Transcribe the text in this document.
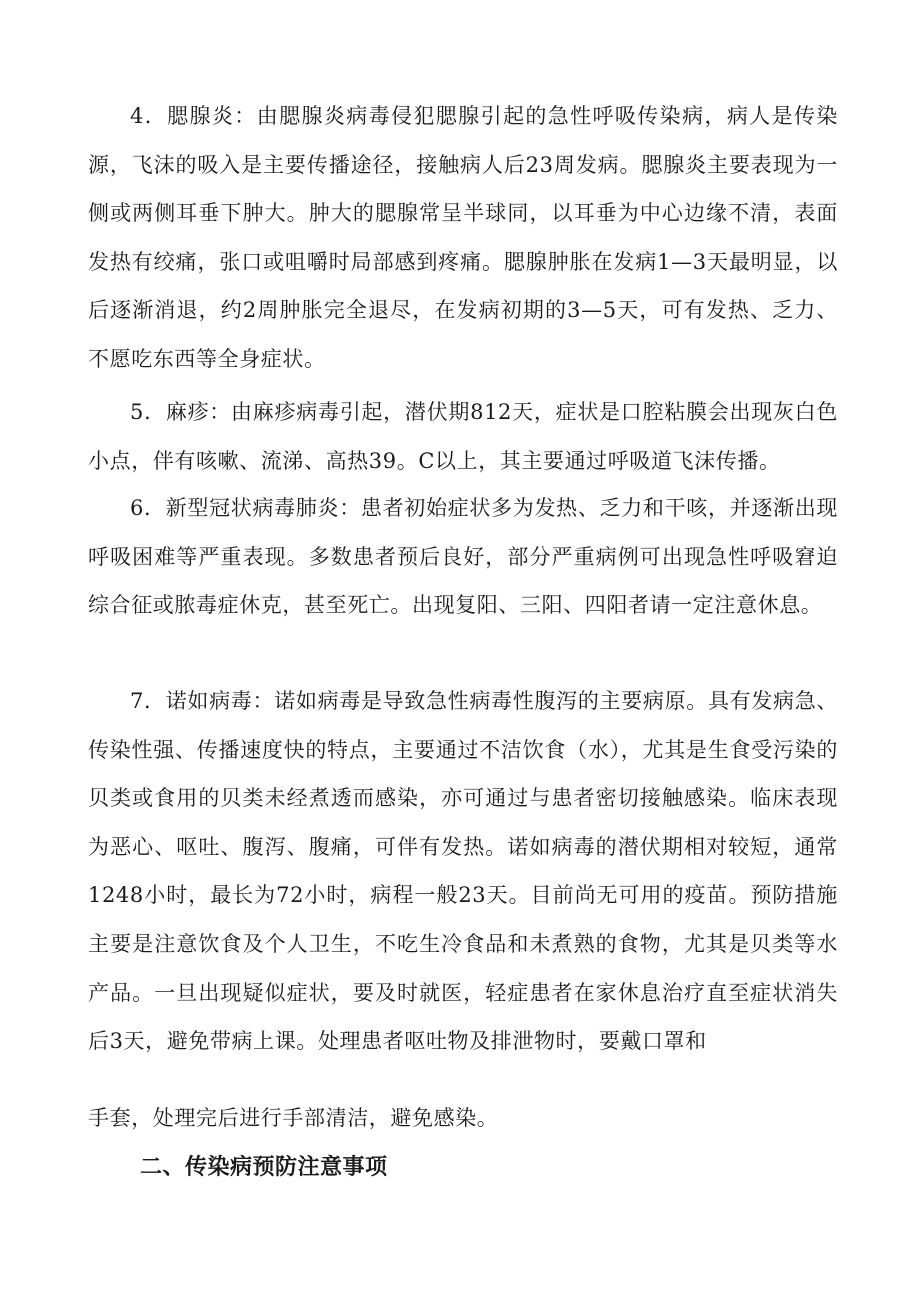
4．腮腺炎：由腮腺炎病毒侵犯腮腺引起的急性呼吸传染病，病人是传染源，飞沫的吸入是主要传播途径，接触病人后23周发病。腮腺炎主要表现为一侧或两侧耳垂下肿大。肿大的腮腺常呈半球同，以耳垂为中心边缘不清，表面发热有绞痛，张口或咀嚼时局部感到疼痛。腮腺肿胀在发病1—3天最明显，以后逐渐消退，约2周肿胀完全退尽，在发病初期的3—5天，可有发热、乏力、不愿吃东西等全身症状。

5．麻疹：由麻疹病毒引起，潜伏期812天，症状是口腔粘膜会出现灰白色小点，伴有咳嗽、流涕、高热39。C以上，其主要通过呼吸道飞沫传播。

6．新型冠状病毒肺炎：患者初始症状多为发热、乏力和干咳，并逐渐出现呼吸困难等严重表现。多数患者预后良好，部分严重病例可出现急性呼吸窘迫综合征或脓毒症休克，甚至死亡。出现复阳、三阳、四阳者请一定注意休息。

7．诺如病毒：诺如病毒是导致急性病毒性腹泻的主要病原。具有发病急、传染性强、传播速度快的特点，主要通过不洁饮食（水），尤其是生食受污染的贝类或食用的贝类未经煮透而感染，亦可通过与患者密切接触感染。临床表现为恶心、呕吐、腹泻、腹痛，可伴有发热。诺如病毒的潜伏期相对较短，通常1248小时，最长为72小时，病程一般23天。目前尚无可用的疫苗。预防措施主要是注意饮食及个人卫生，不吃生冷食品和未煮熟的食物，尤其是贝类等水产品。一旦出现疑似症状，要及时就医，轻症患者在家休息治疗直至症状消失后3天，避免带病上课。处理患者呕吐物及排泄物时，要戴口罩和

手套，处理完后进行手部清洁，避免感染。

二、传染病预防注意事项
